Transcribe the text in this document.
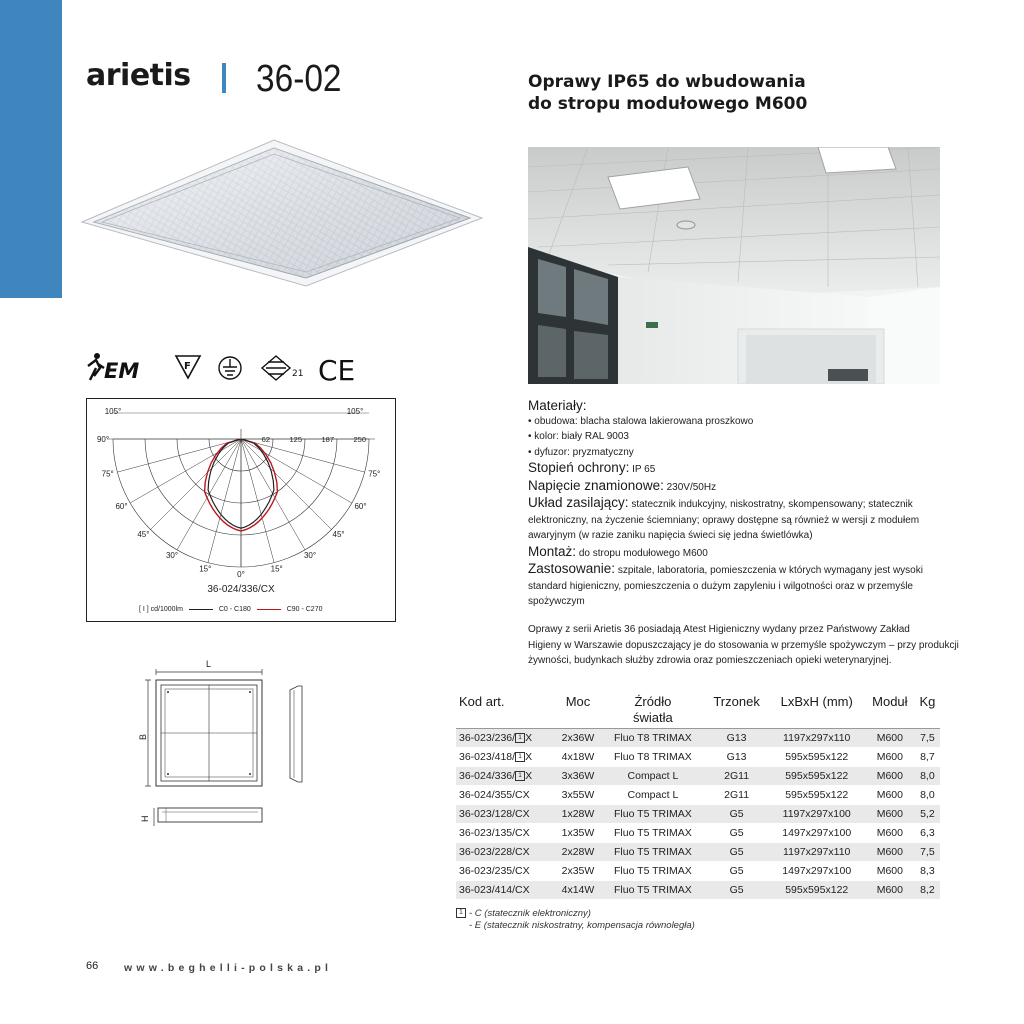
arietis 36-02	Oprawy IP65 do wbudowania
do stropu modułowego M600
EM	F
21 CE
105°
90°
75°
60°
45°
30°
15°
0°
15°
30°
45°
60°
75°
105°
62	125	187	250
36-024/336/CX
[ I ] cd/1000lm	C0 - C180	C90 - C270
L
B
H
Materiały:
• obudowa: blacha stalowa lakierowana proszkowo
• kolor: biały RAL 9003
• dyfuzor: pryzmatyczny
Stopień ochrony: IP 65
Napięcie znamionowe: 230V/50Hz
Układ zasilający: statecznik indukcyjny, niskostratny, skompensowany; statecznik
elektroniczny, na życzenie ściemniany; oprawy dostępne są również w wersji z modułem
awaryjnym (w razie zaniku napięcia świeci się jedna świetlówka)
Montaż: do stropu modułowego M600
Zastosowanie: szpitale, laboratoria, pomieszczenia w których wymagany jest wysoki
standard higieniczny, pomieszczenia o dużym zapyleniu i wilgotności oraz w przemyśle
spożywczym
Oprawy z serii Arietis 36 posiadają Atest Higieniczny wydany przez Państwowy Zakład
Higieny w Warszawie dopuszczający je do stosowania w przemyśle spożywczym – przy produkcji
żywności, budynkach służby zdrowia oraz pomieszczeniach opieki weterynaryjnej.
Kod art.	Moc	Źródło
światła	Trzonek	LxBxH (mm)	Moduł	Kg
36-023/236/ 1 X	2x36W	Fluo T8 TRIMAX	G13	1197x297x110	M600	7,5
36-023/418/ 1 X	4x18W	Fluo T8 TRIMAX	G13	595x595x122	M600	8,7
36-024/336/ 1 X	3x36W	Compact L	2G11	595x595x122	M600	8,0
36-024/355/CX	3x55W	Compact L	2G11	595x595x122	M600	8,0
36-023/128/CX	1x28W	Fluo T5 TRIMAX	G5	1197x297x100	M600	5,2
36-023/135/CX	1x35W	Fluo T5 TRIMAX	G5	1497x297x100	M600	6,3
36-023/228/CX	2x28W	Fluo T5 TRIMAX	G5	1197x297x110	M600	7,5
36-023/235/CX	2x35W	Fluo T5 TRIMAX	G5	1497x297x100	M600	8,3
36-023/414/CX	4x14W	Fluo T5 TRIMAX	G5	595x595x122	M600	8,2
1 - C (statecznik elektroniczny)
- E (statecznik niskostratny, kompensacja równoległa)
66 www.beghelli-polska.pl
